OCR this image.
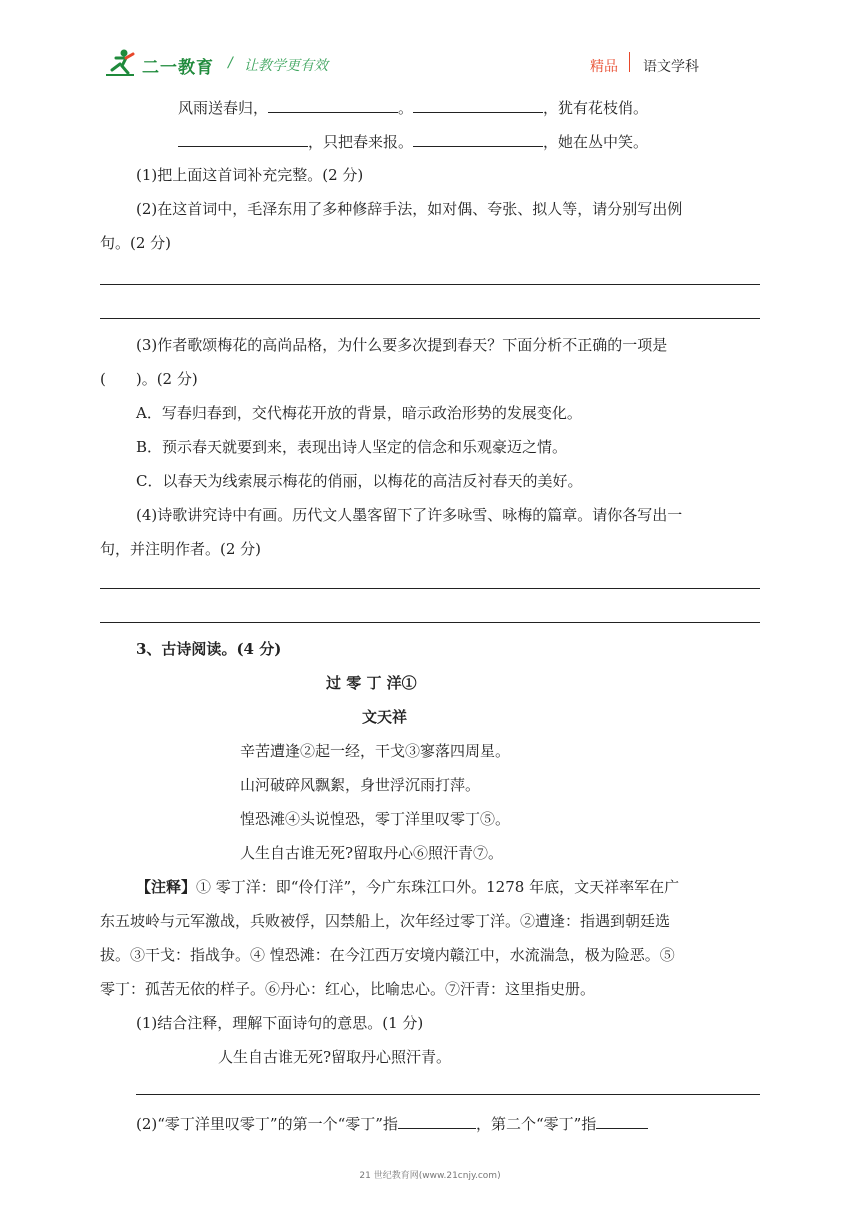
二一教育 / 让教学更有效	精品 语文学科
风雨送春归，	。	，犹有花枝俏。
，只把春来报。	，她在丛中笑。
(1)把上面这首词补充完整。(2 分)
(2)在这首词中，毛泽东用了多种修辞手法，如对偶、夸张、拟人等，请分别写出例
句。(2 分)
(3)作者歌颂梅花的高尚品格，为什么要多次提到春天？下面分析不正确的一项是
(　　)。(2 分)
A．写春归春到，交代梅花开放的背景，暗示政治形势的发展变化。
B．预示春天就要到来，表现出诗人坚定的信念和乐观豪迈之情。
C．以春天为线索展示梅花的俏丽，以梅花的高洁反衬春天的美好。
(4)诗歌讲究诗中有画。历代文人墨客留下了许多咏雪、咏梅的篇章。请你各写出一
句，并注明作者。(2 分)
3、古诗阅读。(4 分)
过 零 丁 洋①
文天祥
辛苦遭逢②起一经，干戈③寥落四周星。
山河破碎风飘絮，身世浮沉雨打萍。
惶恐滩④头说惶恐，零丁洋里叹零丁⑤。
人生自古谁无死?留取丹心⑥照汗青⑦。
【注释】① 零丁洋：即“伶仃洋”，今广东珠江口外。1278 年底，文天祥率军在广
东五坡岭与元军激战，兵败被俘，囚禁船上，次年经过零丁洋。②遭逢：指遇到朝廷选
拔。③干戈：指战争。④ 惶恐滩：在今江西万安境内赣江中，水流湍急，极为险恶。⑤
零丁：孤苦无依的样子。⑥丹心：红心，比喻忠心。⑦汗青：这里指史册。
(1)结合注释，理解下面诗句的意思。(1 分)
人生自古谁无死?留取丹心照汗青。
(2)“零丁洋里叹零丁”的第一个“零丁”指	，第二个“零丁”指
21 世纪教育网(www.21cnjy.com)
